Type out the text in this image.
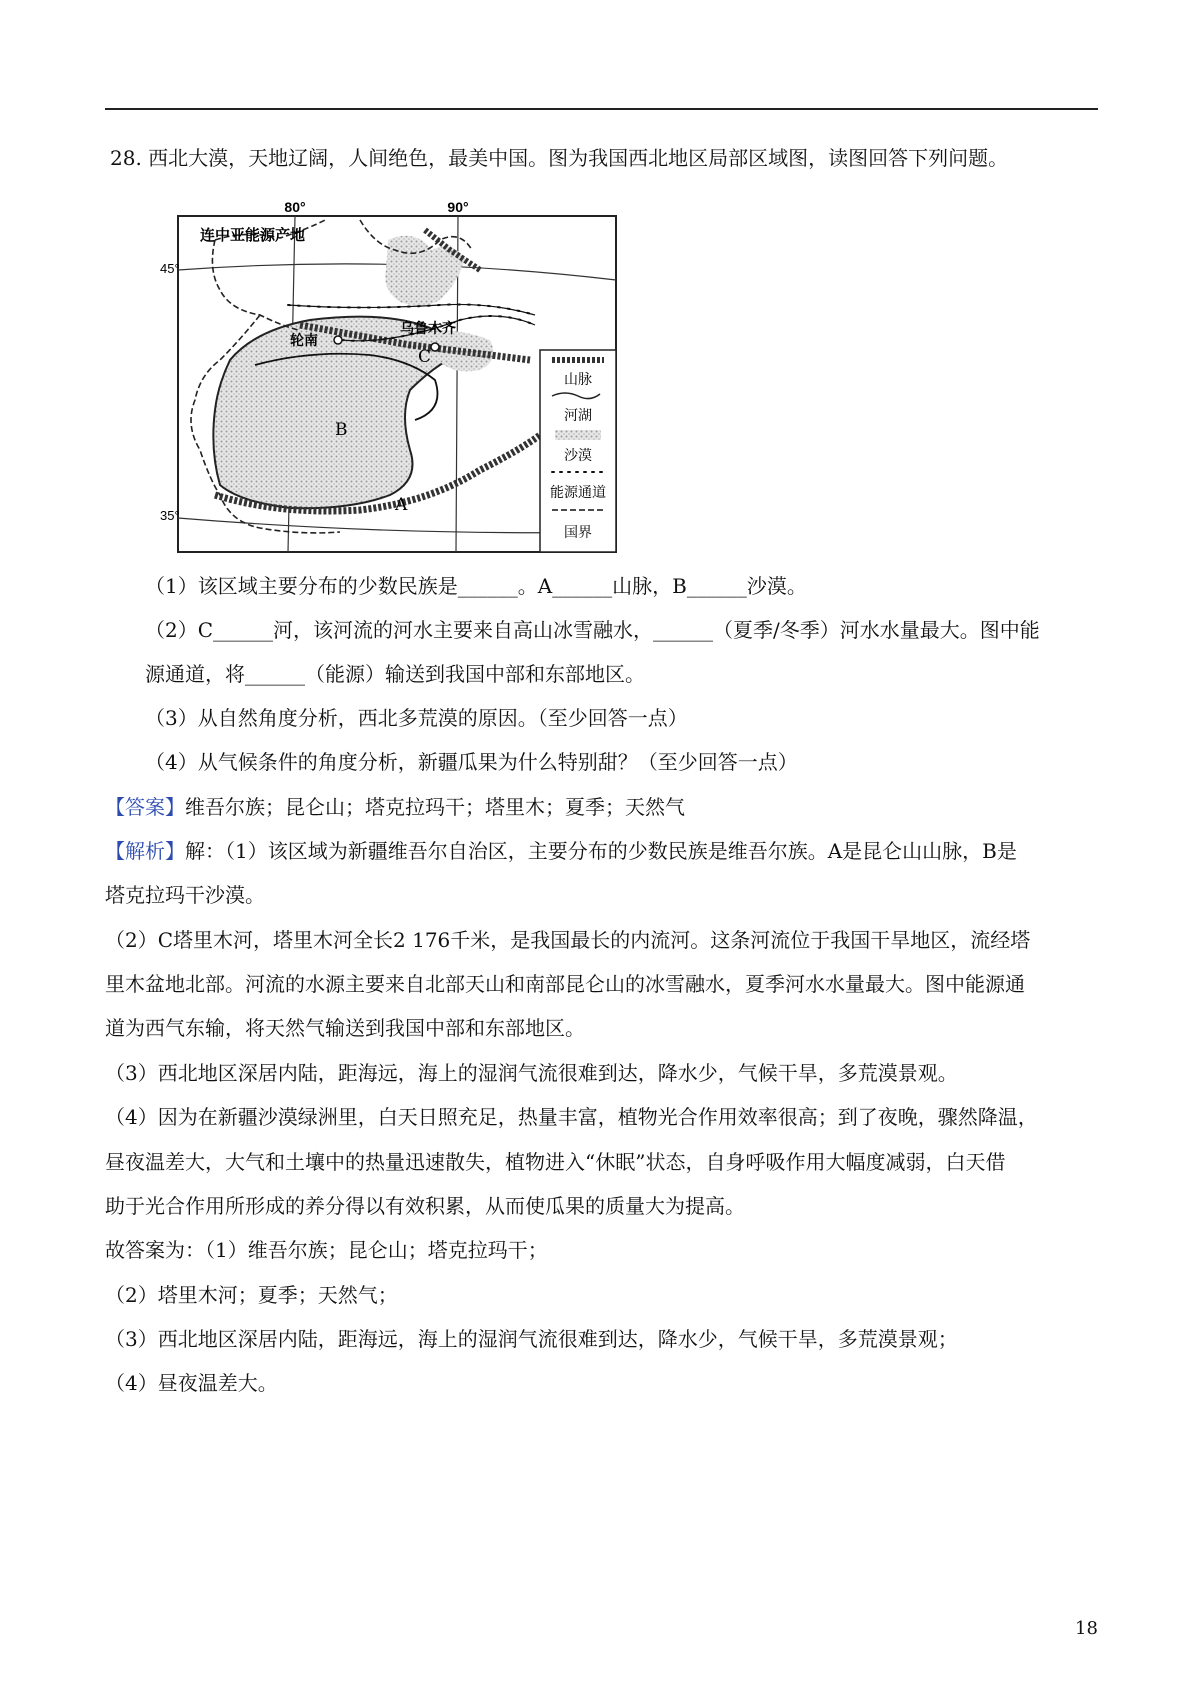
28. 西北大漠，天地辽阔，人间绝色，最美中国。图为我国西北地区局部区域图，读图回答下列问题。
80°	90°
45°
35°
连中亚能源产地
乌鲁木齐
轮南
A
B
C
山脉
河湖
沙漠
能源通道
国界
（1）该区域主要分布的少数民族是______。A______山脉，B______沙漠。
（2）C______河，该河流的河水主要来自高山冰雪融水，______（夏季/冬季）河水水量最大。图中能
源通道，将______（能源）输送到我国中部和东部地区。
（3）从自然角度分析，西北多荒漠的原因。（至少回答一点）
（4）从气候条件的角度分析，新疆瓜果为什么特别甜？（至少回答一点）
【答案】维吾尔族；昆仑山；塔克拉玛干；塔里木；夏季；天然气
【解析】解：（1）该区域为新疆维吾尔自治区，主要分布的少数民族是维吾尔族。A是昆仑山山脉，B是
塔克拉玛干沙漠。
（2）C塔里木河，塔里木河全长2 176千米，是我国最长的内流河。这条河流位于我国干旱地区，流经塔
里木盆地北部。河流的水源主要来自北部天山和南部昆仑山的冰雪融水，夏季河水水量最大。图中能源通
道为西气东输，将天然气输送到我国中部和东部地区。
（3）西北地区深居内陆，距海远，海上的湿润气流很难到达，降水少，气候干旱，多荒漠景观。
（4）因为在新疆沙漠绿洲里，白天日照充足，热量丰富，植物光合作用效率很高；到了夜晚，骤然降温，
昼夜温差大，大气和土壤中的热量迅速散失，植物进入“休眠”状态，自身呼吸作用大幅度减弱，白天借
助于光合作用所形成的养分得以有效积累，从而使瓜果的质量大为提高。
故答案为：（1）维吾尔族；昆仑山；塔克拉玛干；
（2）塔里木河；夏季；天然气；
（3）西北地区深居内陆，距海远，海上的湿润气流很难到达，降水少，气候干旱，多荒漠景观；
（4）昼夜温差大。
18
